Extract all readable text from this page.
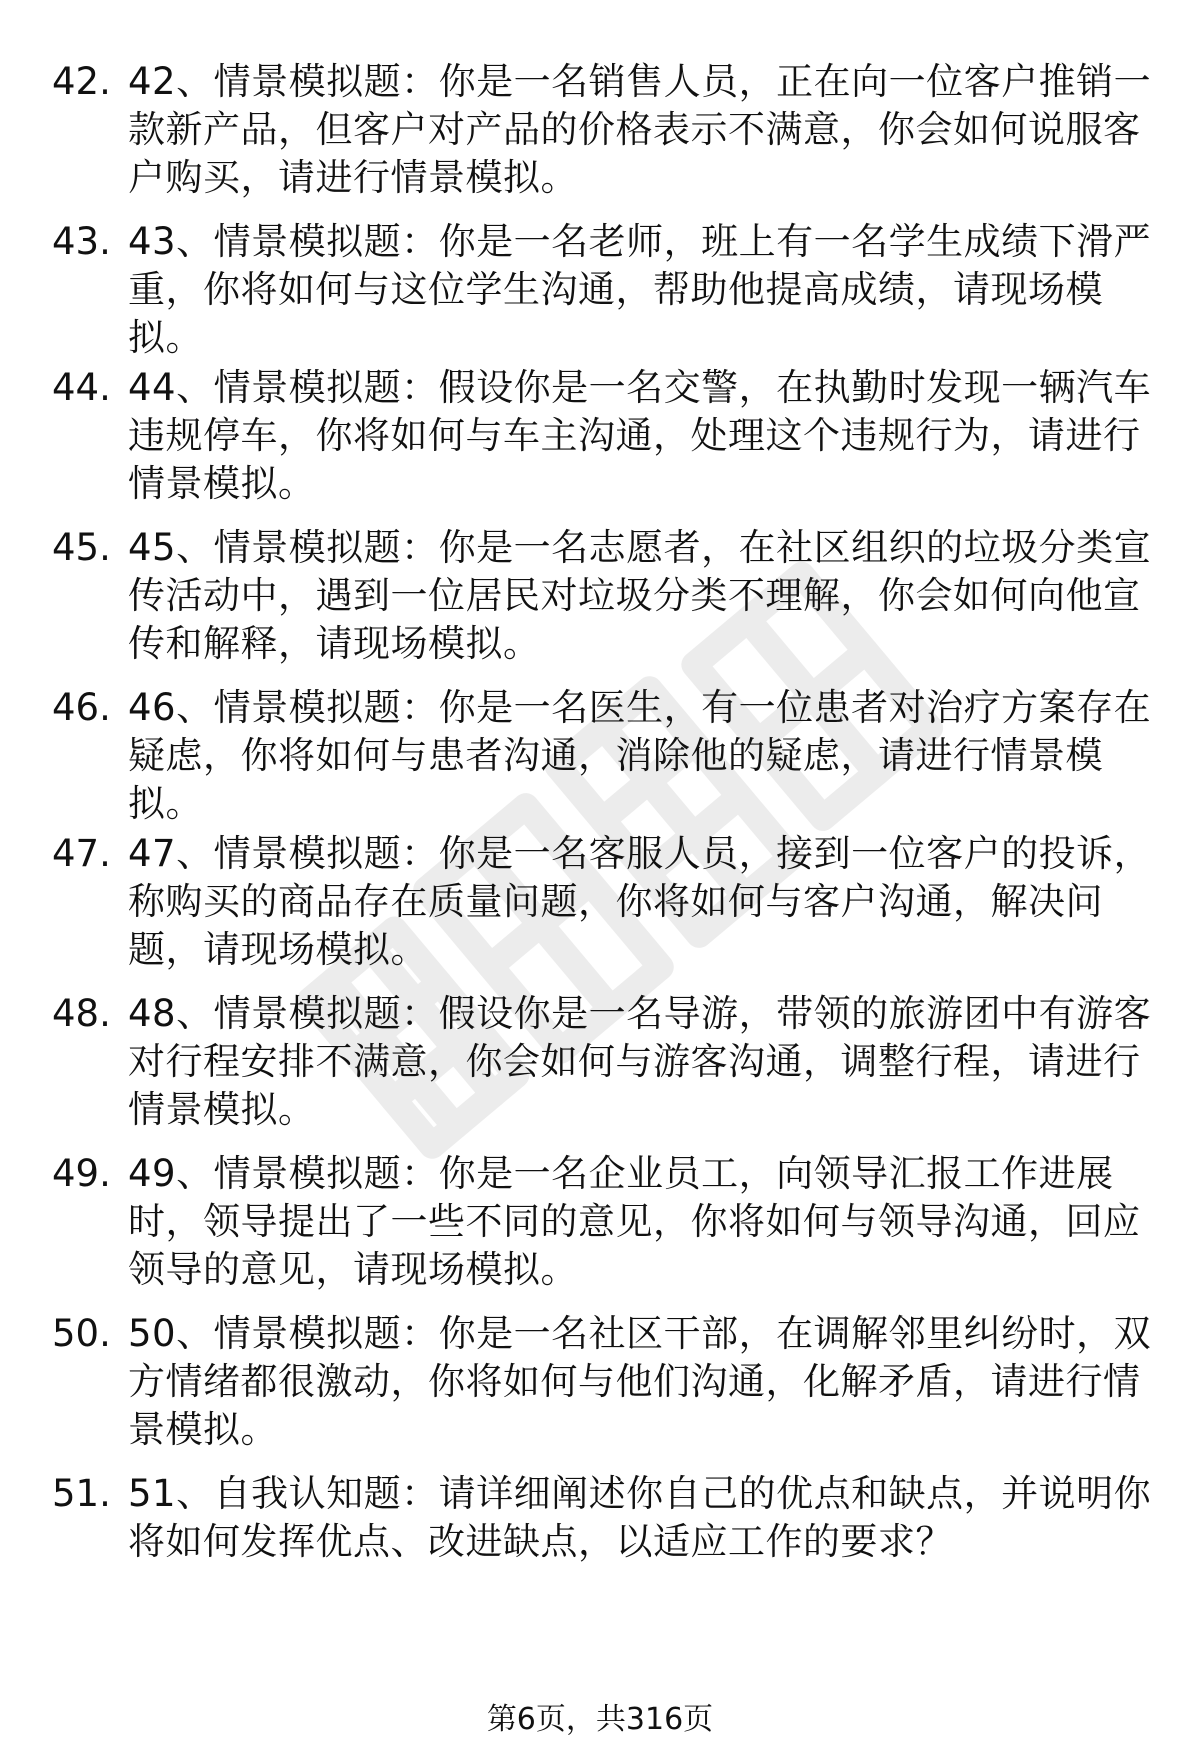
42. 42、情景模拟题：你是一名销售人员，正在向一位客户推销一款新产品，但客户对产品的价格表示不满意，你会如何说服客户购买，请进行情景模拟。
43. 43、情景模拟题：你是一名老师，班上有一名学生成绩下滑严重，你将如何与这位学生沟通，帮助他提高成绩，请现场模拟。
44. 44、情景模拟题：假设你是一名交警，在执勤时发现一辆汽车违规停车，你将如何与车主沟通，处理这个违规行为，请进行情景模拟。
45. 45、情景模拟题：你是一名志愿者，在社区组织的垃圾分类宣传活动中，遇到一位居民对垃圾分类不理解，你会如何向他宣传和解释，请现场模拟。
46. 46、情景模拟题：你是一名医生，有一位患者对治疗方案存在疑虑，你将如何与患者沟通，消除他的疑虑，请进行情景模拟。
47. 47、情景模拟题：你是一名客服人员，接到一位客户的投诉，称购买的商品存在质量问题，你将如何与客户沟通，解决问题，请现场模拟。
48. 48、情景模拟题：假设你是一名导游，带领的旅游团中有游客对行程安排不满意，你会如何与游客沟通，调整行程，请进行情景模拟。
49. 49、情景模拟题：你是一名企业员工，向领导汇报工作进展时，领导提出了一些不同的意见，你将如何与领导沟通，回应领导的意见，请现场模拟。
50. 50、情景模拟题：你是一名社区干部，在调解邻里纠纷时，双方情绪都很激动，你将如何与他们沟通，化解矛盾，请进行情景模拟。
51. 51、自我认知题：请详细阐述你自己的优点和缺点，并说明你将如何发挥优点、改进缺点，以适应工作的要求？
第6页，共316页
